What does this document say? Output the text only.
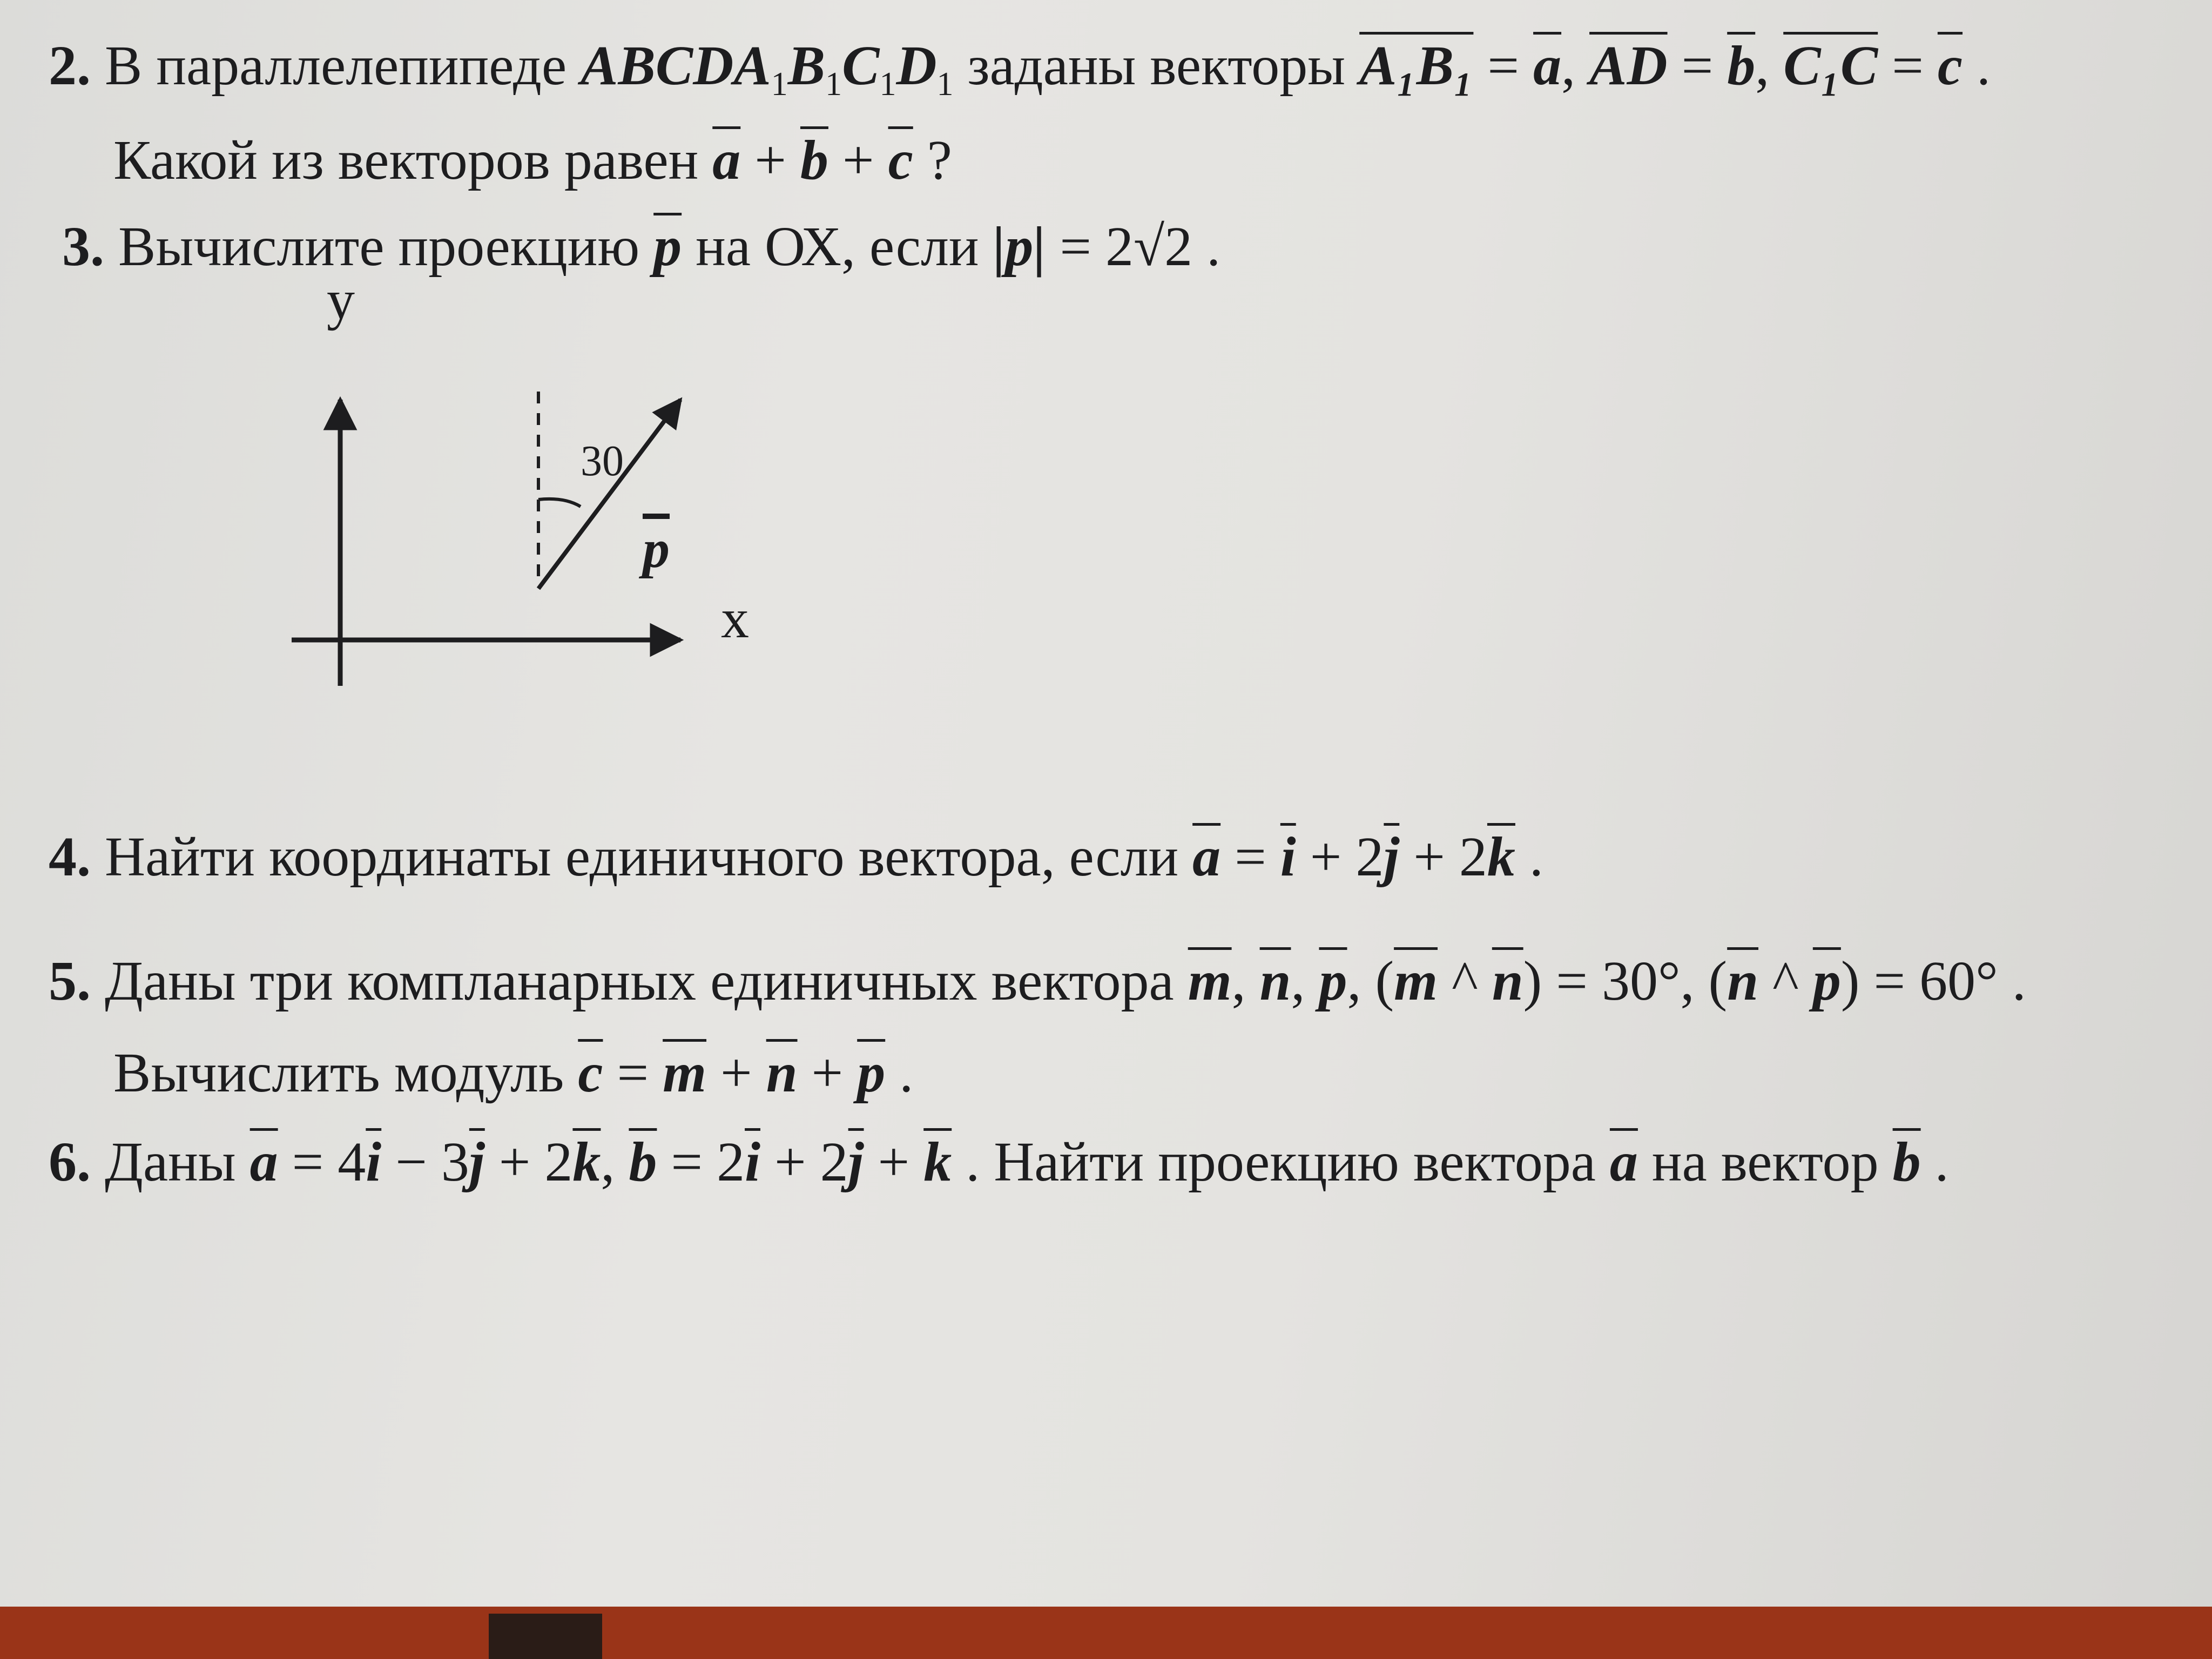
2. В параллелепипеде $ABCDA_1B_1C_1D_1$ заданы векторы $A_1B_1 = \overline{a}$, $\overline{AD} = \overline{b}$, $C_1C = \overline{c}$ .
Какой из векторов равен $\overline{a} + \overline{b} + \overline{c}$ ?
3. Вычислите проекцию $\overline{p}$ на ОХ, если |p| = 2√2 .
у
x
30
p
4. Найти координаты единичного вектора, если $\overline{a} = \overline{i} + 2\overline{j} + 2\overline{k}$ .
5. Даны три компланарных единичных вектора $\overline{m}$, $\overline{n}$, $\overline{p}$, ($\overline{m}$ ^ $\overline{n}) = 30^\circ$, ($\overline{n}$ ^ $\overline{p}) = 60^\circ$ .
Вычислить модуль $\overline{c} = \overline{m} + \overline{n} + \overline{p}$ .
6. Даны $\overline{a} = 4\overline{i} - 3\overline{j} + 2\overline{k}$, $\overline{b} = 2\overline{i} + 2\overline{j} + \overline{k}$ . Найти проекцию вектора $\overline{a}$ на вектор $\overline{b}$ .
